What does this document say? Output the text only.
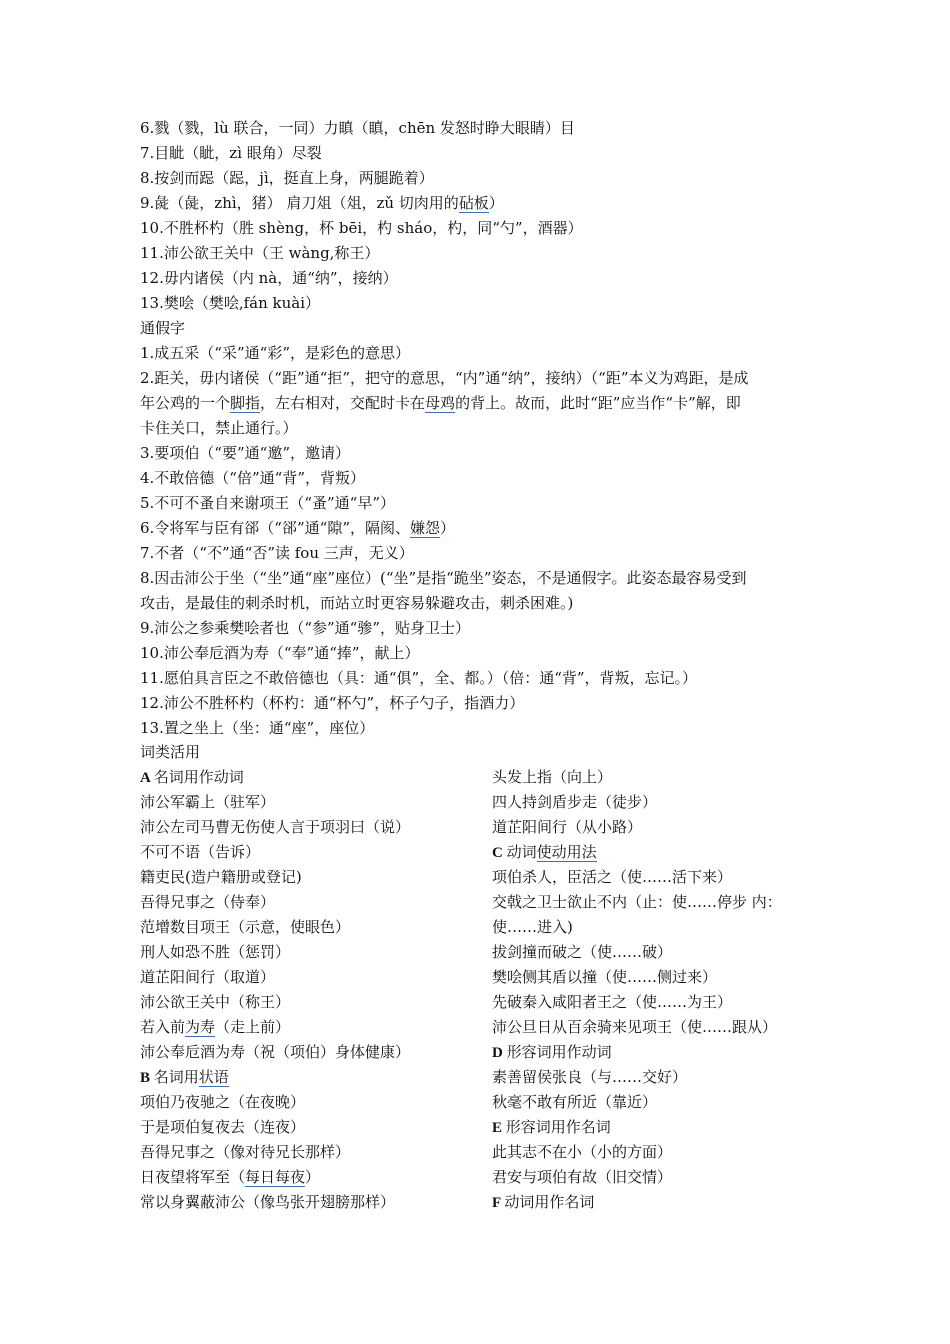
6.戮（戮，lù 联合，一同）力瞋（瞋，chēn 发怒时睁大眼睛）目
7.目眦（眦，zì 眼角）尽裂
8.按剑而跽（跽，jì，挺直上身，两腿跪着）
9.彘（彘，zhì，猪） 肩刀俎（俎，zǔ 切肉用的砧板）
10.不胜杯杓（胜 shèng，杯 bēi，杓 sháo，杓，同“勺”，酒器）
11.沛公欲王关中（王 wàng,称王）
12.毋内诸侯（内 nà，通“纳”，接纳）
13.樊哙（樊哙,fán kuài）
通假字
1.成五采（“采”通“彩”，是彩色的意思）
2.距关，毋内诸侯（“距”通“拒”，把守的意思，“内”通“纳”，接纳）（“距”本义为鸡距，是成
年公鸡的一个脚指，左右相对，交配时卡在母鸡的背上。故而，此时“距”应当作“卡”解，即
卡住关口，禁止通行。）
3.要项伯（“要”通“邀”，邀请）
4.不敢倍德（“倍”通“背”，背叛）
5.不可不蚤自来谢项王（“蚤”通“早”）
6.令将军与臣有郤（“郤”通“隙”，隔阂、嫌怨）
7.不者（“不”通“否”读 fou 三声，无义）
8.因击沛公于坐（“坐”通“座”座位）(“坐”是指“跪坐”姿态，不是通假字。此姿态最容易受到
攻击，是最佳的刺杀时机，而站立时更容易躲避攻击，刺杀困难。)
9.沛公之参乘樊哙者也（“参”通“骖”，贴身卫士）
10.沛公奉卮酒为寿（“奉”通“捧”，献上）
11.愿伯具言臣之不敢倍德也（具：通“俱”，全、都。）（倍：通“背”，背叛，忘记。）
12.沛公不胜杯杓（杯杓：通“杯勺”，杯子勺子，指酒力）
13.置之坐上（坐：通“座”，座位）
词类活用
A 名词用作动词
沛公军霸上（驻军）
沛公左司马曹无伤使人言于项羽曰（说）
不可不语（告诉）
籍吏民(造户籍册或登记)
吾得兄事之（侍奉）
范增数目项王（示意，使眼色）
刑人如恐不胜（惩罚）
道芷阳间行（取道）
沛公欲王关中（称王）
若入前为寿（走上前）
沛公奉卮酒为寿（祝（项伯）身体健康）
B 名词用状语
项伯乃夜驰之（在夜晚）
于是项伯复夜去（连夜）
吾得兄事之（像对待兄长那样）
日夜望将军至（每日每夜）
常以身翼蔽沛公（像鸟张开翅膀那样）
头发上指（向上）
四人持剑盾步走（徒步）
道芷阳间行（从小路）
C 动词使动用法
项伯杀人，臣活之（使……活下来）
交戟之卫士欲止不内（止：使……停步 内：
使……进入)
拔剑撞而破之（使……破）
樊哙侧其盾以撞（使……侧过来）
先破秦入咸阳者王之（使……为王）
沛公旦日从百余骑来见项王（使……跟从）
D 形容词用作动词
素善留侯张良（与……交好）
秋毫不敢有所近（靠近）
E 形容词用作名词
此其志不在小（小的方面）
君安与项伯有故（旧交情）
F 动词用作名词
